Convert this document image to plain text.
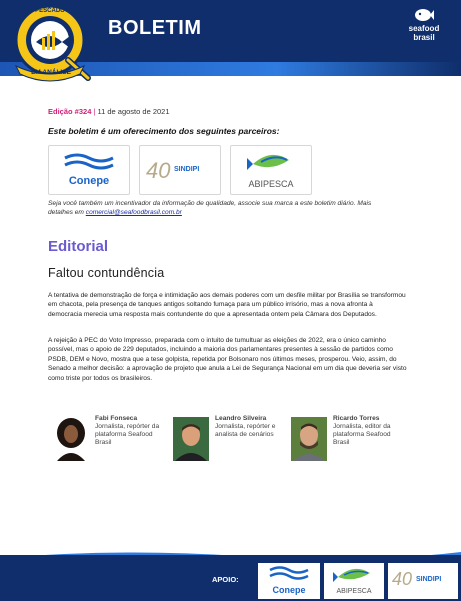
PESCADO
EM ANÁLISE
BOLETIM	seafood
brasil
Edição #324 | 11 de agosto de 2021
Este boletim é um oferecimento dos seguintes parceiros:
Conepe	40 SINDIPI
ABIPESCA
Seja você também um incentivador da informação de qualidade, associe sua marca a este boletim diário. Mais detalhes em comercial@seafoodbrasil.com.br
Editorial
Faltou contundência
A tentativa de demonstração de força e intimidação aos demais poderes com um desfile militar por Brasília se transformou em chacota, pela presença de tanques antigos soltando fumaça para um público irrisório, mas a nova afronta à democracia merecia uma resposta mais contundente do que a apresentada ontem pela Câmara dos Deputados.
A rejeição à PEC do Voto Impresso, preparada com o intuito de tumultuar as eleições de 2022, era o único caminho possível, mas o apoio de 229 deputados, incluindo a maioria dos parlamentares presentes à sessão de partidos como PSDB, DEM e Novo, mostra que a tese golpista, repetida por Bolsonaro nos últimos meses, prosperou. Veio, assim, do Senado a melhor decisão: a aprovação de projeto que anula a Lei de Segurança Nacional em um dia que deveria ser visto como triste por todos os brasileiros.
Fabi Fonseca
Jornalista, repórter da plataforma Seafood Brasil
Leandro Silveira
Jornalista, repórter e analista de cenários
Ricardo Torres
Jornalista, editor da plataforma Seafood Brasil
APOIO:
Conepe	ABIPESCA
40 SINDIPI
